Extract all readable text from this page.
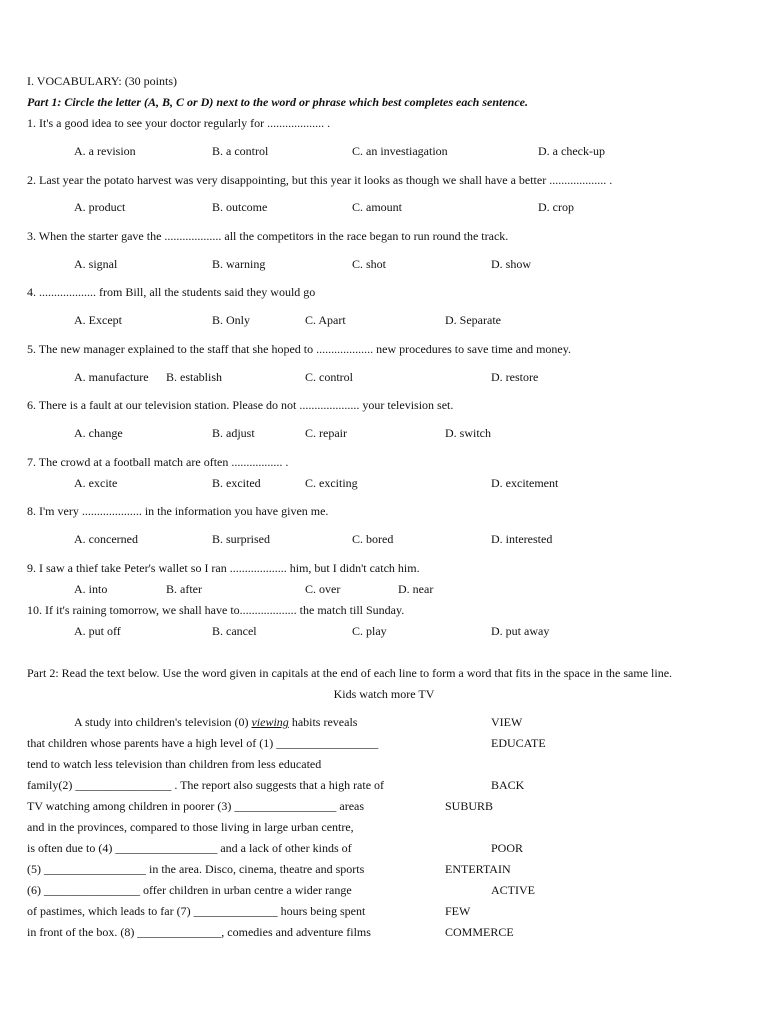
I. VOCABULARY: (30 points)
Part 1: Circle the letter (A, B, C or D) next to the word or phrase which best completes each sentence.
1. It's a good idea to see your doctor regularly for ................... .
A. a revision	B. a control	C. an investiagation	D. a check-up
2. Last year the potato harvest was very disappointing, but this year it looks as though we shall have a better ................... .
A. product	B. outcome	C. amount	D. crop
3. When the starter gave the ................... all the competitors in the race began to run round the track.
A. signal	B. warning	C. shot	D. show
4. ................... from Bill, all the students said they would go
A. Except	B. Only	C. Apart	D. Separate
5. The new manager explained to the staff that she hoped to ................... new procedures to save time and money.
A. manufacture B. establish	C. control	D. restore
6. There is a fault at our television station. Please do not .................... your television set.
A. change	B. adjust	C. repair	D. switch
7. The crowd at a football match are often ................. .
A. excite	B. excited	C. exciting	D. excitement
8. I'm very .................... in the information you have given me.
A. concerned	B. surprised	C. bored	D. interested
9. I saw a thief take Peter's wallet so I ran ................... him, but I didn't catch him.
A. into	B. after	C. over	D. near
10. If it's raining tomorrow, we shall have to................... the match till Sunday.
A. put off	B. cancel	C. play	D. put away
Part 2: Read the text below. Use the word given in capitals at the end of each line to form a word that fits in the space in the same line.
Kids watch more TV
A study into children's television (0) viewing habits reveals	VIEW
that children whose parents have a high level of (1) _________________	EDUCATE
tend to watch less television than children from less educated
family(2) ________________ . The report also suggests that a high rate of	BACK
TV watching among children in poorer (3) _________________ areas	SUBURB
and in the provinces, compared to those living in large urban centre,
is often due to (4) _________________ and a lack of other kinds of	POOR
(5) _________________ in the area. Disco, cinema, theatre and sports	ENTERTAIN
(6) ________________ offer children in urban centre a wider range	ACTIVE
of pastimes, which leads to far (7) ______________ hours being spent	FEW
in front of the box. (8) ______________, comedies and adventure films	COMMERCE
